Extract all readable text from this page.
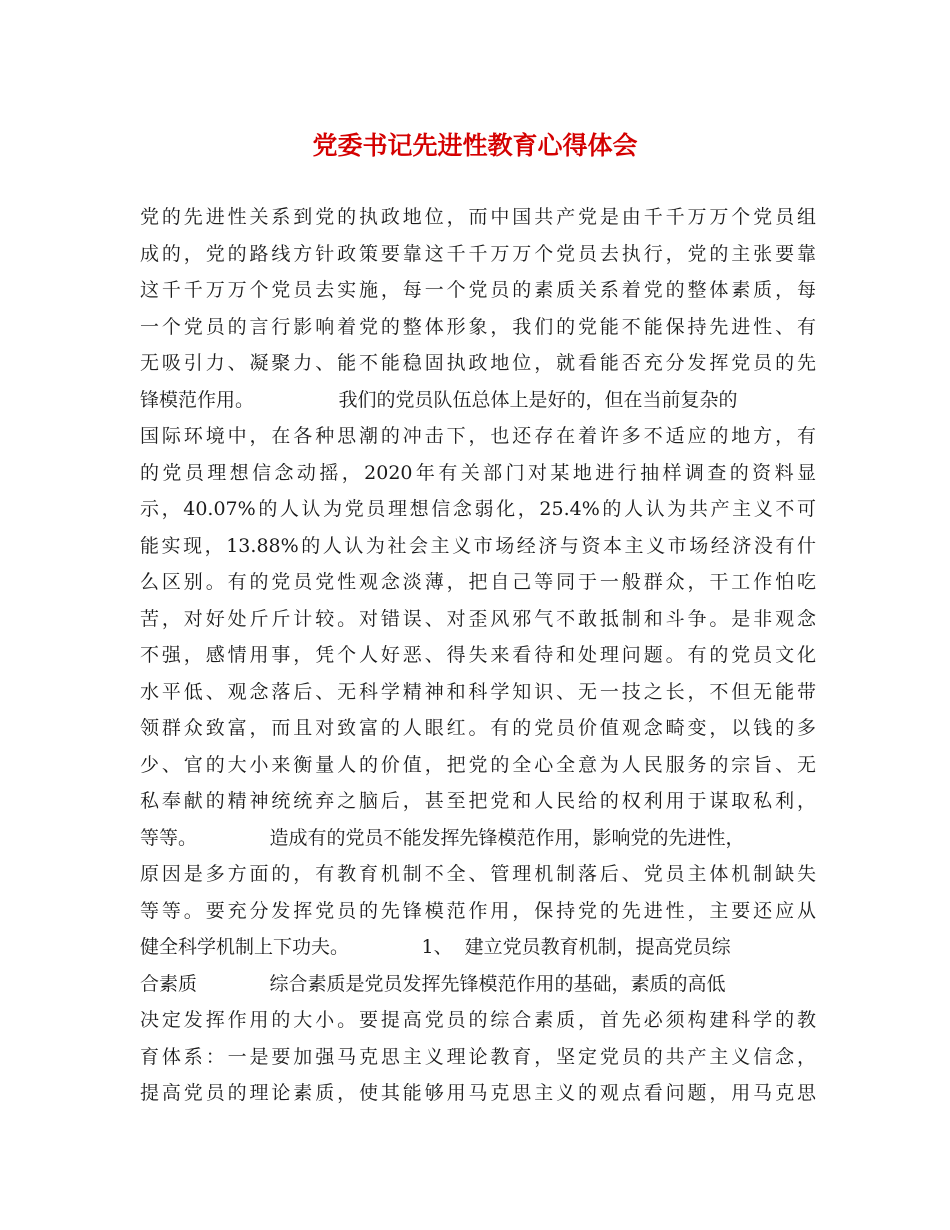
党委书记先进性教育心得体会
党的先进性关系到党的执政地位，而中国共产党是由千千万万个党员组
成的，党的路线方针政策要靠这千千万万个党员去执行，党的主张要靠
这千千万万个党员去实施，每一个党员的素质关系着党的整体素质，每
一个党员的言行影响着党的整体形象，我们的党能不能保持先进性、有
无吸引力、凝聚力、能不能稳固执政地位，就看能否充分发挥党员的先
锋模范作用。              我们的党员队伍总体上是好的，但在当前复杂的
国际环境中，在各种思潮的冲击下，也还存在着许多不适应的地方，有
的党员理想信念动摇，2020年有关部门对某地进行抽样调查的资料显
示，40.07%的人认为党员理想信念弱化，25.4%的人认为共产主义不可
能实现，13.88%的人认为社会主义市场经济与资本主义市场经济没有什
么区别。有的党员党性观念淡薄，把自己等同于一般群众，干工作怕吃
苦，对好处斤斤计较。对错误、对歪风邪气不敢抵制和斗争。是非观念
不强，感情用事，凭个人好恶、得失来看待和处理问题。有的党员文化
水平低、观念落后、无科学精神和科学知识、无一技之长，不但无能带
领群众致富，而且对致富的人眼红。有的党员价值观念畸变，以钱的多
少、官的大小来衡量人的价值，把党的全心全意为人民服务的宗旨、无
私奉献的精神统统弃之脑后，甚至把党和人民给的权利用于谋取私利，
等等。            造成有的党员不能发挥先锋模范作用，影响党的先进性，
原因是多方面的，有教育机制不全、管理机制落后、党员主体机制缺失
等等。要充分发挥党员的先锋模范作用，保持党的先进性，主要还应从
健全科学机制上下功夫。            1、  建立党员教育机制，提高党员综
合素质            综合素质是党员发挥先锋模范作用的基础，素质的高低
决定发挥作用的大小。要提高党员的综合素质，首先必须构建科学的教
育体系：一是要加强马克思主义理论教育，坚定党员的共产主义信念，
提高党员的理论素质，使其能够用马克思主义的观点看问题，用马克思
